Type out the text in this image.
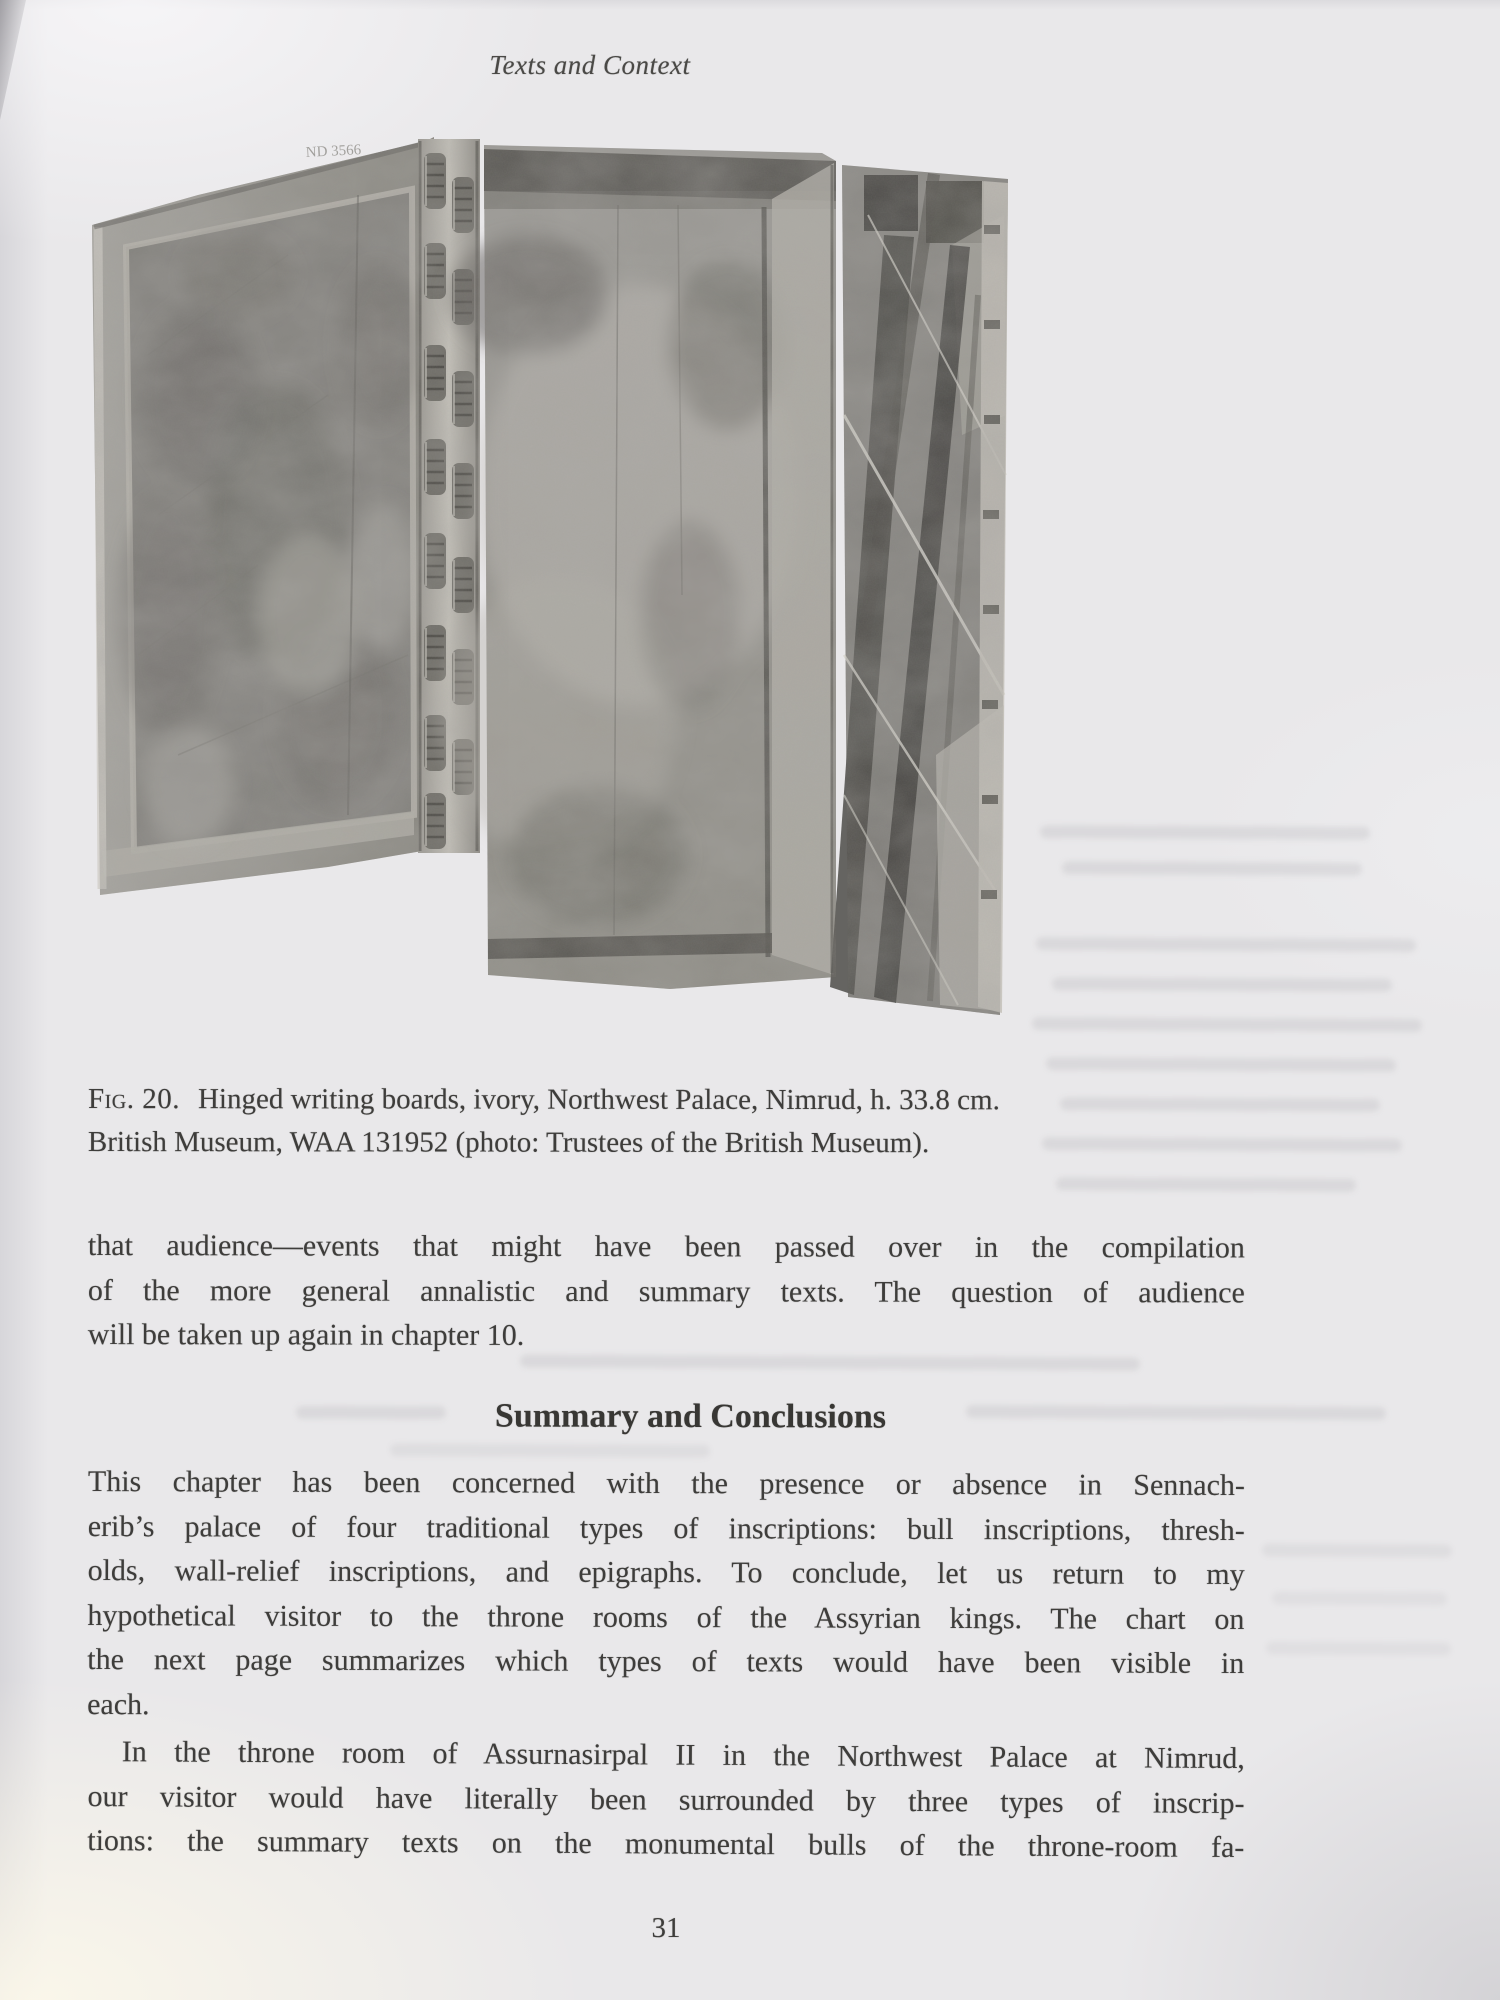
Texts and Context
ND 3566
Fig. 20. Hinged writing boards, ivory, Northwest Palace, Nimrud, h. 33.8 cm.
British Museum, WAA 131952 (photo: Trustees of the British Museum).
that audience—events that might have been passed over in the compilation
of the more general annalistic and summary texts. The question of audience
will be taken up again in chapter 10.
Summary and Conclusions
This chapter has been concerned with the presence or absence in Sennach-
erib’s palace of four traditional types of inscriptions: bull inscriptions, thresh-
olds, wall-relief inscriptions, and epigraphs. To conclude, let us return to my
hypothetical visitor to the throne rooms of the Assyrian kings. The chart on
the next page summarizes which types of texts would have been visible in
each.
In the throne room of Assurnasirpal II in the Northwest Palace at Nimrud,
our visitor would have literally been surrounded by three types of inscrip-
tions: the summary texts on the monumental bulls of the throne-room fa-
31
